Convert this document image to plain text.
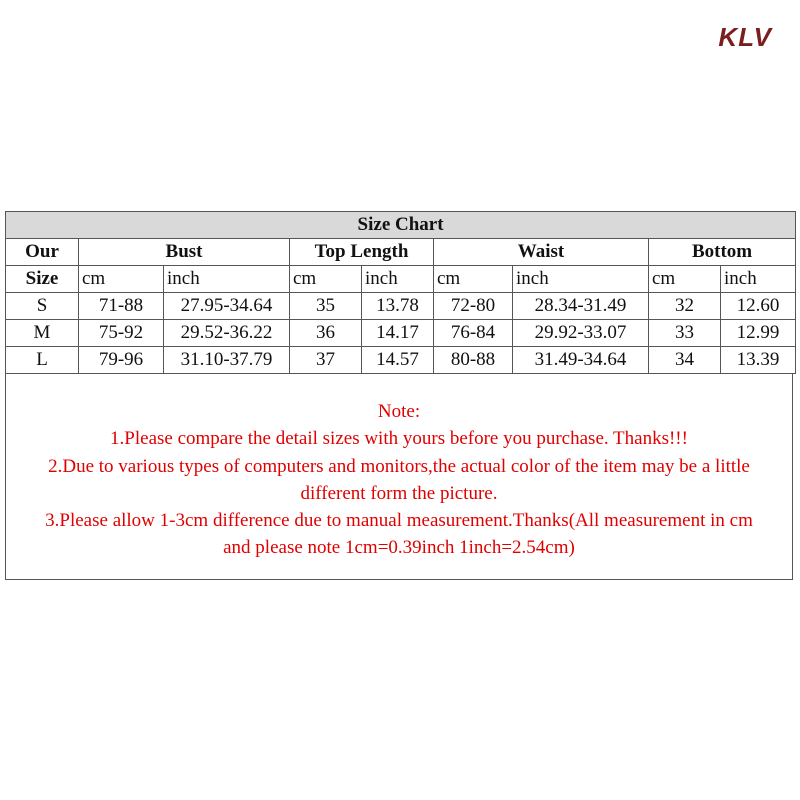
KLV
Size Chart								
Our	Bust		Top Length		Waist		Bottom	
Size	cm	inch	cm	inch	cm	inch	cm	inch
S	71-88	27.95-34.64	35	13.78	72-80	28.34-31.49	32	12.60
M	75-92	29.52-36.22	36	14.17	76-84	29.92-33.07	33	12.99
L	79-96	31.10-37.79	37	14.57	80-88	31.49-34.64	34	13.39
Note:
1.Please compare the detail sizes with yours before you purchase. Thanks!!!
2.Due to various types of computers and monitors,the actual color of the item may be a little
different form the picture.
3.Please allow 1-3cm difference due to manual measurement.Thanks(All measurement in cm
and please note 1cm=0.39inch 1inch=2.54cm)
